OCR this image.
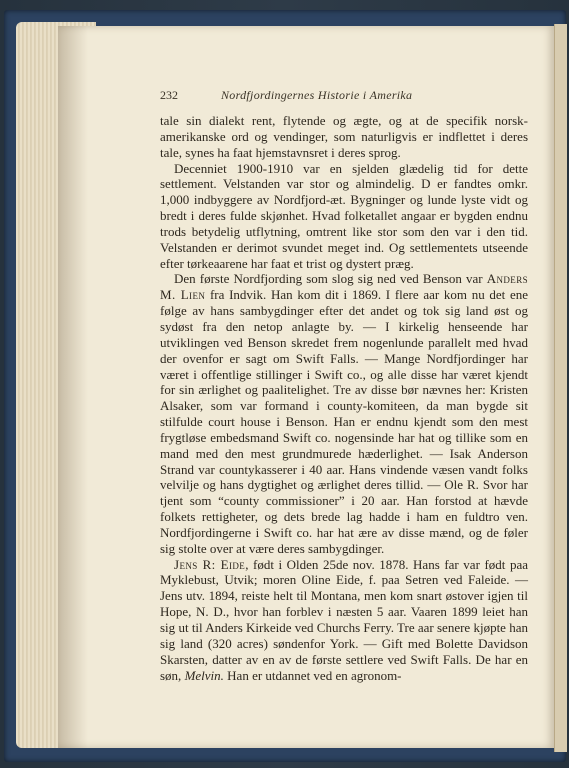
232	Nordfjordingernes Historie i Amerika

tale sin dialekt rent, flytende og ægte, og at de specifik norsk-amerikanske ord og vendinger, som naturligvis er indflettet i deres tale, synes ha faat hjemstavnsret i deres sprog.

Decenniet 1900-1910 var en sjelden glædelig tid for dette settlement. Velstanden var stor og almindelig. D er fandtes omkr. 1,000 indbyggere av Nordfjord-æt. Bygninger og lunde lyste vidt og bredt i deres fulde skjønhet. Hvad folketallet angaar er bygden endnu trods betydelig utflytning, omtrent like stor som den var i den tid. Velstanden er derimot svundet meget ind. Og settlementets utseende efter tørkeaarene har faat et trist og dystert præg.

Den første Nordfjording som slog sig ned ved Benson var Anders M. Lien fra Indvik. Han kom dit i 1869. I flere aar kom nu det ene følge av hans sambygdinger efter det andet og tok sig land øst og sydøst fra den netop anlagte by. — I kirkelig henseende har utviklingen ved Benson skredet frem nogenlunde parallelt med hvad der ovenfor er sagt om Swift Falls. — Mange Nordfjordinger har været i offentlige stillinger i Swift co., og alle disse har været kjendt for sin ærlighet og paalitelighet. Tre av disse bør nævnes her: Kristen Alsaker, som var formand i county-komiteen, da man bygde sit stilfulde court house i Benson. Han er endnu kjendt som den mest frygtløse embedsmand Swift co. nogensinde har hat og tillike som en mand med den mest grundmurede hæderlighet. — Isak Anderson Strand var countykasserer i 40 aar. Hans vindende væsen vandt folks velvilje og hans dygtighet og ærlighet deres tillid. — Ole R. Svor har tjent som “county commissioner” i 20 aar. Han forstod at hævde folkets rettigheter, og dets brede lag hadde i ham en fuldtro ven. Nordfjordingerne i Swift co. har hat ære av disse mænd, og de føler sig stolte over at være deres sambygdinger.

Jens R: Eide, født i Olden 25de nov. 1878. Hans far var født paa Myklebust, Utvik; moren Oline Eide, f. paa Setren ved Faleide. — Jens utv. 1894, reiste helt til Montana, men kom snart østover igjen til Hope, N. D., hvor han forblev i næsten 5 aar. Vaaren 1899 leiet han sig ut til Anders Kirkeide ved Churchs Ferry. Tre aar senere kjøpte han sig land (320 acres) søndenfor York. — Gift med Bolette Davidson Skarsten, datter av en av de første settlere ved Swift Falls. De har en søn, Melvin. Han er utdannet ved en agronom-
